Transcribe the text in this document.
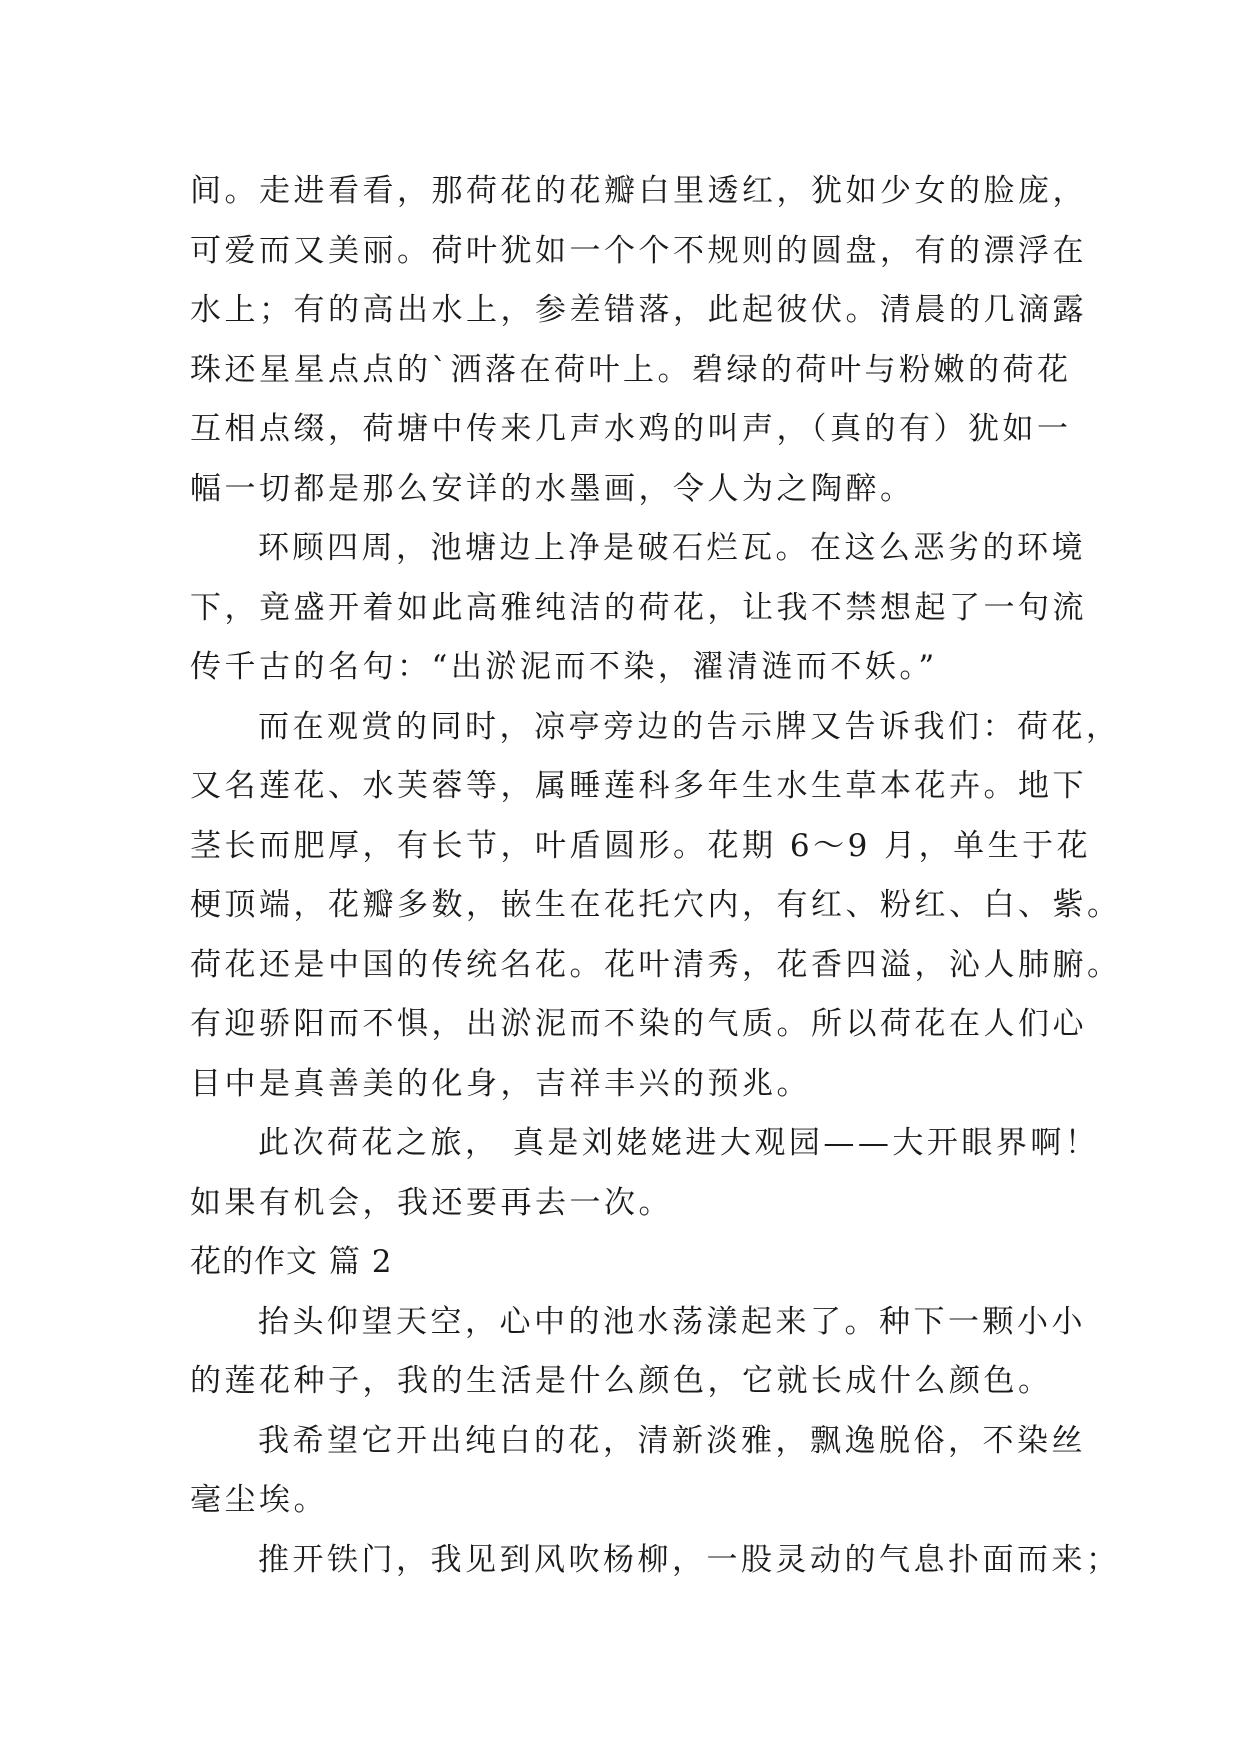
间。走进看看，那荷花的花瓣白里透红，犹如少女的脸庞，
可爱而又美丽。荷叶犹如一个个不规则的圆盘，有的漂浮在
水上；有的高出水上，参差错落，此起彼伏。清晨的几滴露
珠还星星点点的`洒落在荷叶上。碧绿的荷叶与粉嫩的荷花
互相点缀，荷塘中传来几声水鸡的叫声，（真的有）犹如一
幅一切都是那么安详的水墨画，令人为之陶醉。
环顾四周，池塘边上净是破石烂瓦。在这么恶劣的环境
下，竟盛开着如此高雅纯洁的荷花，让我不禁想起了一句流
传千古的名句：“出淤泥而不染，濯清涟而不妖。”
而在观赏的同时，凉亭旁边的告示牌又告诉我们：荷花，
又名莲花、水芙蓉等，属睡莲科多年生水生草本花卉。地下
茎长而肥厚，有长节，叶盾圆形。花期 6～9 月，单生于花
梗顶端，花瓣多数，嵌生在花托穴内，有红、粉红、白、紫。
荷花还是中国的传统名花。花叶清秀，花香四溢，沁人肺腑。
有迎骄阳而不惧，出淤泥而不染的气质。所以荷花在人们心
目中是真善美的化身，吉祥丰兴的预兆。
此次荷花之旅， 真是刘姥姥进大观园——大开眼界啊！
如果有机会，我还要再去一次。
花的作文 篇 2
抬头仰望天空，心中的池水荡漾起来了。种下一颗小小
的莲花种子，我的生活是什么颜色，它就长成什么颜色。
我希望它开出纯白的花，清新淡雅，飘逸脱俗，不染丝
毫尘埃。
推开铁门，我见到风吹杨柳，一股灵动的气息扑面而来；
